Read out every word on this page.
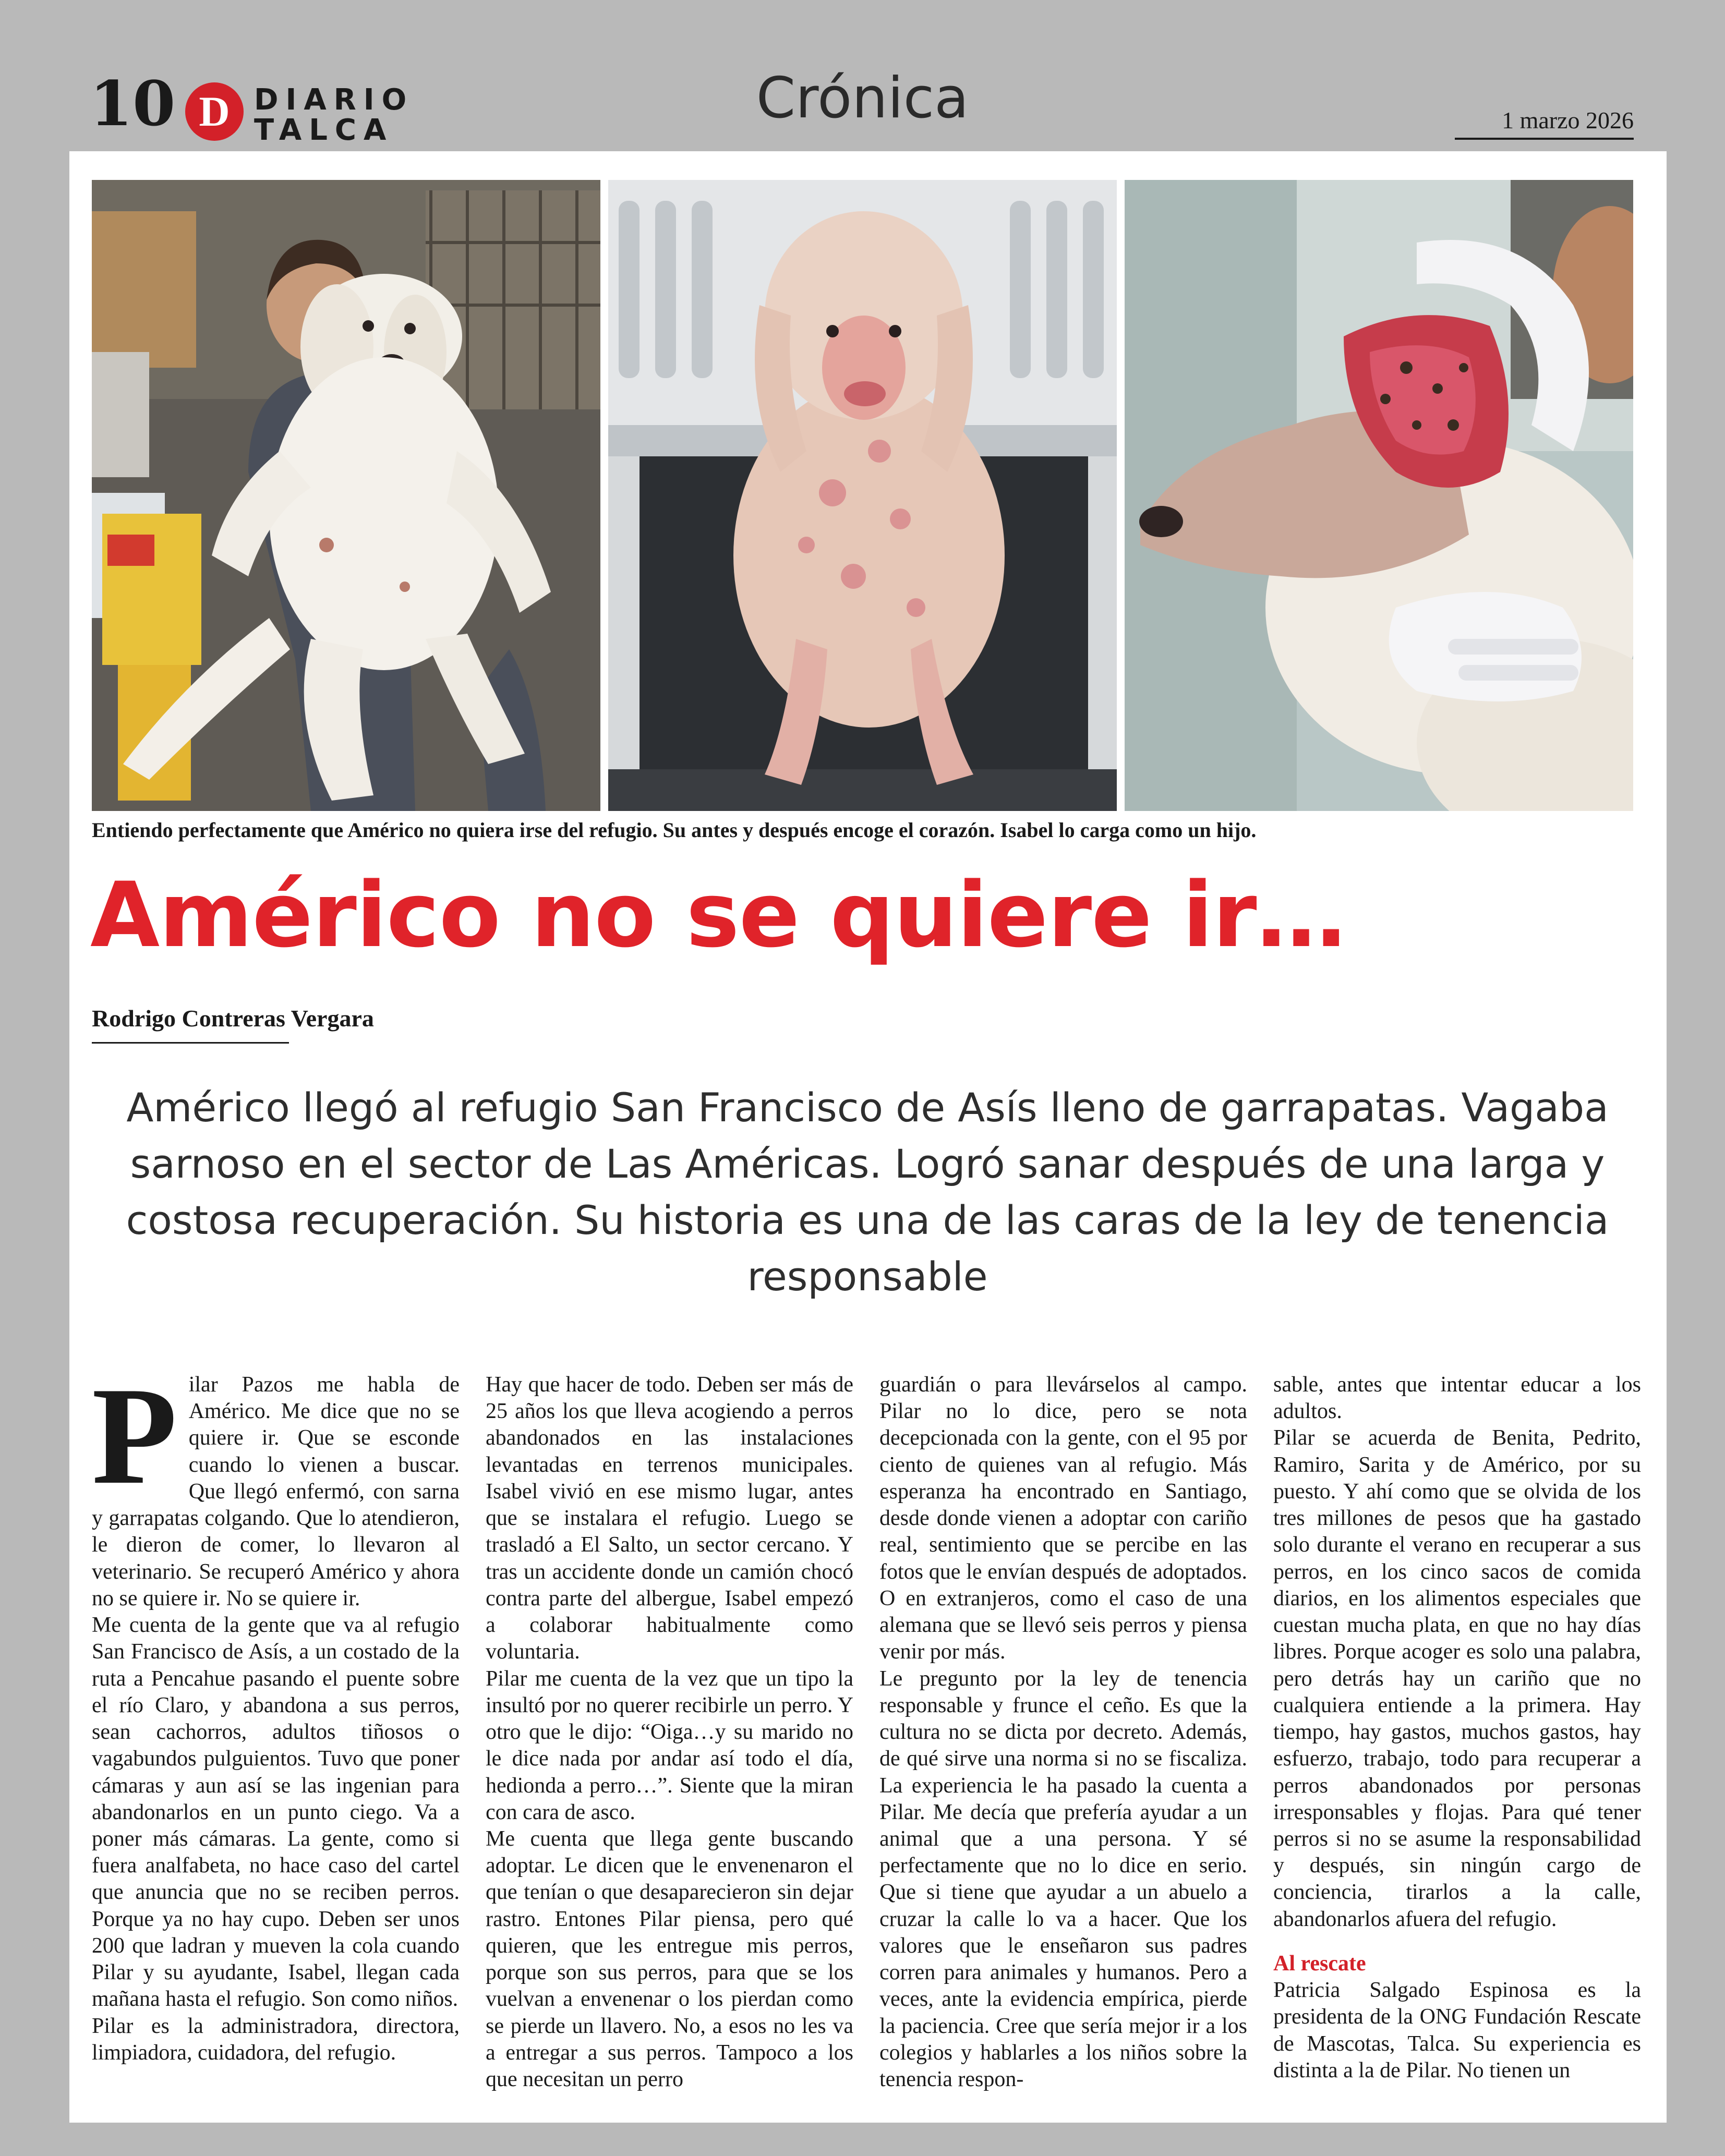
10 D DIARIO
TALCA	Crónica	1 marzo 2026
Entiendo perfectamente que Américo no quiera irse del refugio. Su antes y después encoge el corazón. Isabel lo carga como un hijo.
Américo no se quiere ir…
Rodrigo Contreras Vergara
Américo llegó al refugio San Francisco de Asís lleno de garrapatas. Vagaba sarnoso en el sector de Las Américas. Logró sanar después de una larga y costosa recuperación. Su historia es una de las caras de la ley de tenencia responsable

Pilar Pazos me habla de Américo. Me dice que no se quiere ir. Que se esconde cuando lo vienen a buscar. Que llegó enfermó, con sarna y garrapatas colgando. Que lo atendieron, le dieron de comer, lo llevaron al veterinario. Se recuperó Américo y ahora no se quiere ir. No se quiere ir.

Me cuenta de la gente que va al refugio San Francisco de Asís, a un costado de la ruta a Pencahue pasando el puente sobre el río Claro, y abandona a sus perros, sean cachorros, adultos tiñosos o vagabundos pulguientos. Tuvo que poner cámaras y aun así se las ingenian para abandonarlos en un punto ciego. Va a poner más cámaras. La gente, como si fuera analfabeta, no hace caso del cartel que anuncia que no se reciben perros. Porque ya no hay cupo. Deben ser unos 200 que ladran y mueven la cola cuando Pilar y su ayudante, Isabel, llegan cada mañana hasta el refugio. Son como niños.

Pilar es la administradora, directora, limpiadora, cuidadora, del refugio.

Hay que hacer de todo. Deben ser más de 25 años los que lleva acogiendo a perros abandonados en las instalaciones levantadas en terrenos municipales. Isabel vivió en ese mismo lugar, antes que se instalara el refugio. Luego se trasladó a El Salto, un sector cercano. Y tras un accidente donde un camión chocó contra parte del albergue, Isabel empezó a colaborar habitualmente como voluntaria.

Pilar me cuenta de la vez que un tipo la insultó por no querer recibirle un perro. Y otro que le dijo: “Oiga…y su marido no le dice nada por andar así todo el día, hedionda a perro…”. Siente que la miran con cara de asco.

Me cuenta que llega gente buscando adoptar. Le dicen que le envenenaron el que tenían o que desaparecieron sin dejar rastro. Entones Pilar piensa, pero qué quieren, que les entregue mis perros, porque son sus perros, para que se los vuelvan a envenenar o los pierdan como se pierde un llavero. No, a esos no les va a entregar a sus perros. Tampoco a los que necesitan un perro

guardián o para llevárselos al campo. Pilar no lo dice, pero se nota decepcionada con la gente, con el 95 por ciento de quienes van al refugio. Más esperanza ha encontrado en Santiago, desde donde vienen a adoptar con cariño real, sentimiento que se percibe en las fotos que le envían después de adoptados. O en extranjeros, como el caso de una alemana que se llevó seis perros y piensa venir por más.

Le pregunto por la ley de tenencia responsable y frunce el ceño. Es que la cultura no se dicta por decreto. Además, de qué sirve una norma si no se fiscaliza. La experiencia le ha pasado la cuenta a Pilar. Me decía que prefería ayudar a un animal que a una persona. Y sé perfectamente que no lo dice en serio. Que si tiene que ayudar a un abuelo a cruzar la calle lo va a hacer. Que los valores que le enseñaron sus padres corren para animales y humanos. Pero a veces, ante la evidencia empírica, pierde la paciencia. Cree que sería mejor ir a los colegios y hablarles a los niños sobre la tenencia respon-

sable, antes que intentar educar a los adultos.

Pilar se acuerda de Benita, Pedrito, Ramiro, Sarita y de Américo, por su puesto. Y ahí como que se olvida de los tres millones de pesos que ha gastado solo durante el verano en recuperar a sus perros, en los cinco sacos de comida diarios, en los alimentos especiales que cuestan mucha plata, en que no hay días libres. Porque acoger es solo una palabra, pero detrás hay un cariño que no cualquiera entiende a la primera. Hay tiempo, hay gastos, muchos gastos, hay esfuerzo, trabajo, todo para recuperar a perros abandonados por personas irresponsables y flojas. Para qué tener perros si no se asume la responsabilidad y después, sin ningún cargo de conciencia, tirarlos a la calle, abandonarlos afuera del refugio.

Al rescate

Patricia Salgado Espinosa es la presidenta de la ONG Fundación Rescate de Mascotas, Talca. Su experiencia es distinta a la de Pilar. No tienen un
